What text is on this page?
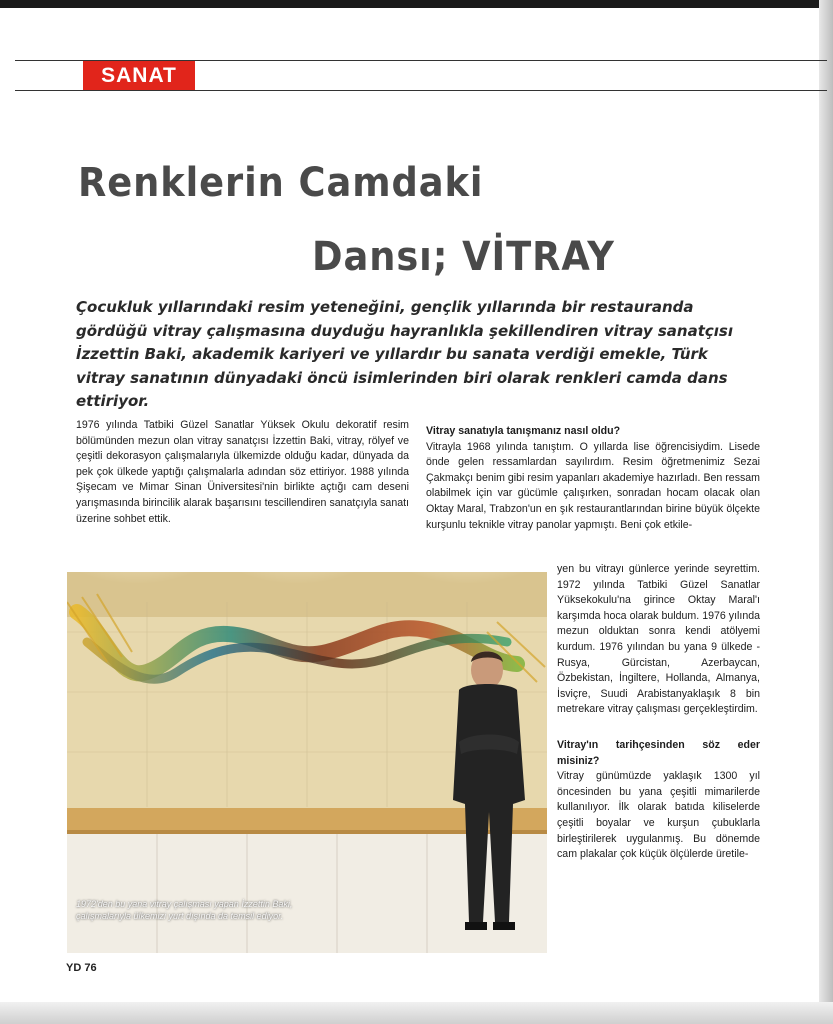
SANAT
Renklerin Camdaki
Dansı; VİTRAY
Çocukluk yıllarındaki resim yeteneğini, gençlik yıllarında bir restauranda gördüğü vitray çalışmasına duyduğu hayranlıkla şekillendiren vitray sanatçısı İzzettin Baki, akademik kariyeri ve yıllardır bu sanata verdiği emekle, Türk vitray sanatının dünyadaki öncü isimlerinden biri olarak renkleri camda dans ettiriyor.

1976 yılında Tatbiki Güzel Sanatlar Yüksek Okulu dekoratif resim bölümünden mezun olan vitray sanatçısı İzzettin Baki, vitray, rölyef ve çeşitli dekorasyon çalışmalarıyla ülkemizde olduğu kadar, dünyada da pek çok ülkede yaptığı çalışmalarla adından söz ettiriyor. 1988 yılında Şişecam ve Mimar Sinan Üniversitesi'nin birlikte açtığı cam deseni yarışmasında birincilik alarak başarısını tescillendiren sanatçıyla sanatı üzerine sohbet ettik.

Vitray sanatıyla tanışmanız nasıl oldu?

Vitrayla 1968 yılında tanıştım. O yıllarda lise öğrencisiydim. Lisede önde gelen ressamlardan sayılırdım. Resim öğretmenimiz Sezai Çakmakçı benim gibi resim yapanları akademiye hazırladı. Ben ressam olabilmek için var gücümle çalışırken, sonradan hocam olacak olan Oktay Maral, Trabzon'un en şık restaurantlarından birine büyük ölçekte kurşunlu teknikle vitray panolar yapmıştı. Beni çok etkile-

yen bu vitrayı günlerce yerinde seyrettim. 1972 yılında Tatbiki Güzel Sanatlar Yüksekokulu'na girince Oktay Maral'ı karşımda hoca olarak buldum. 1976 yılında mezun olduktan sonra kendi atölyemi kurdum. 1976 yılından bu yana 9 ülkede -Rusya, Gürcistan, Azerbaycan, Özbekistan, İngiltere, Hollanda, Almanya, İsviçre, Suudi Arabistanyaklaşık 8 bin metrekare vitray çalışması gerçekleştirdim.

Vitray'ın tarihçesinden söz eder misiniz?

Vitray günümüzde yaklaşık 1300 yıl öncesinden bu yana çeşitli mimarilerde kullanılıyor. İlk olarak batıda kiliselerde çeşitli boyalar ve kurşun çubuklarla birleştirilerek uygulanmış. Bu dönemde cam plakalar çok küçük ölçülerde üretile-

1972'den bu yana vitray çalışması yapan İzzettin Baki, çalışmalarıyla ülkemizi yurt dışında da temsil ediyor.
YD 76
